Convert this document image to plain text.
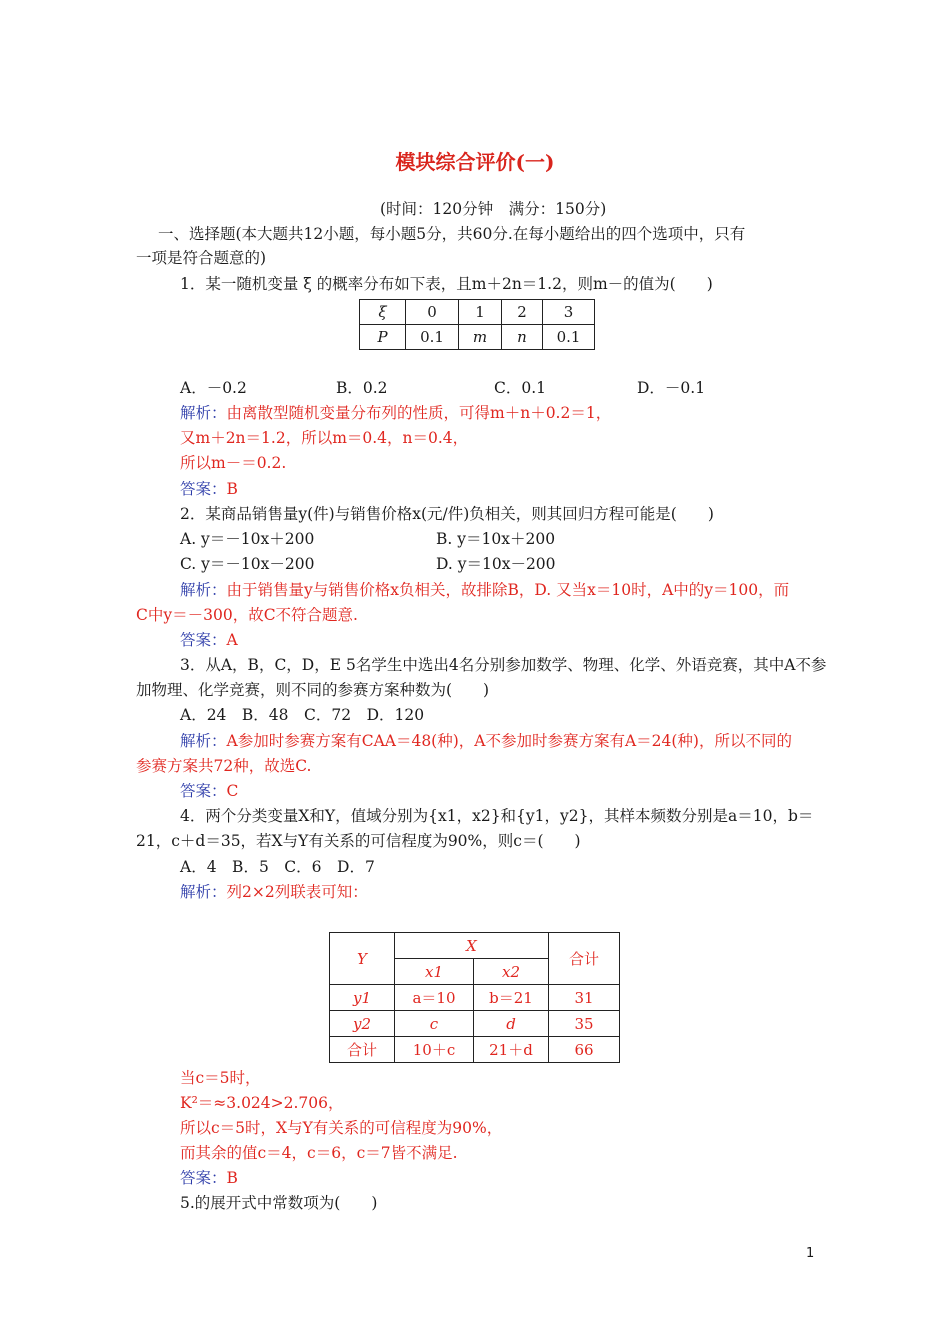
模块综合评价(一)
(时间：120分钟　满分：150分)
一、选择题(本大题共12小题，每小题5分，共60分.在每小题给出的四个选项中，只有
一项是符合题意的)
1．某一随机变量 ξ 的概率分布如下表，且m＋2n＝1.2，则m－的值为(　　)
ξ	0	1	2	3
P	0.1	m	n	0.1
A．－0.2	B．0.2	C．0.1	D．－0.1
解析：由离散型随机变量分布列的性质，可得m＋n＋0.2＝1，
又m＋2n＝1.2，所以m＝0.4，n＝0.4，
所以m－＝0.2.
答案：B
2．某商品销售量y(件)与销售价格x(元/件)负相关，则其回归方程可能是(　　)
A. y＝－10x＋200	B. y＝10x＋200
C. y＝－10x－200	D. y＝10x－200
解析：由于销售量y与销售价格x负相关，故排除B，D. 又当x＝10时，A中的y＝100，而
C中y＝－300，故C不符合题意.
答案：A
3．从A，B，C，D，E 5名学生中选出4名分别参加数学、物理、化学、外语竞赛，其中A不参
加物理、化学竞赛，则不同的参赛方案种数为(　　)
A．24　B．48　C．72　D．120
解析：A参加时参赛方案有CAA＝48(种)，A不参加时参赛方案有A＝24(种)，所以不同的
参赛方案共72种，故选C.
答案：C
4．两个分类变量X和Y，值域分别为{x1，x2}和{y1，y2}，其样本频数分别是a＝10，b＝
21，c＋d＝35，若X与Y有关系的可信程度为90%，则c＝(　　)
A．4　B．5　C．6　D．7
解析：列2×2列联表可知：
Y	X		合计
	x1	x2	
y1	a＝10	b＝21	31
y2	c	d	35
合计	10＋c	21＋d	66
当c＝5时，
K²＝≈3.024>2.706，
所以c＝5时，X与Y有关系的可信程度为90%，
而其余的值c＝4，c＝6，c＝7皆不满足.
答案：B
5.的展开式中常数项为(　　)
1
